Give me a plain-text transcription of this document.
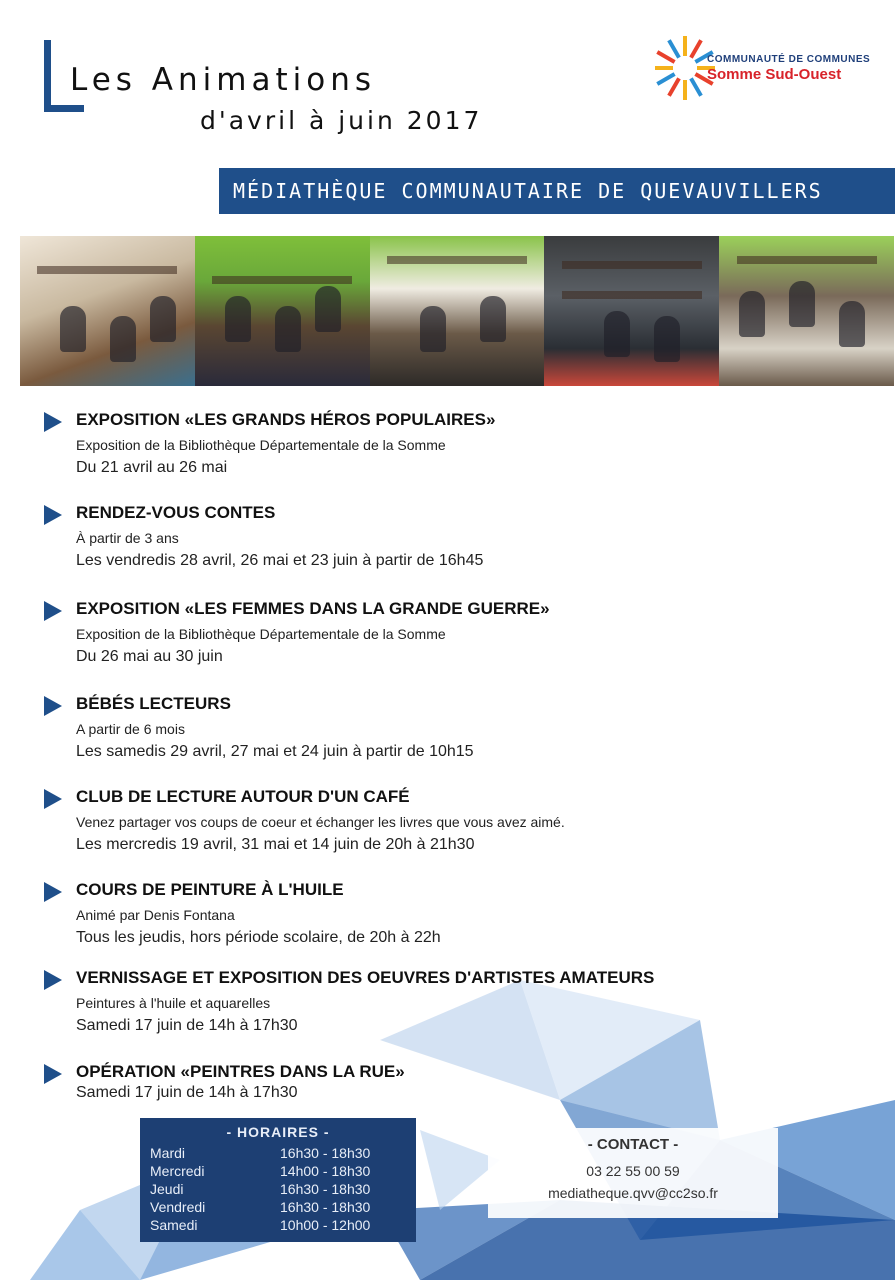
Les Animations
d'avril à juin 2017
COMMUNAUTÉ DE COMMUNES
Somme Sud-Ouest
MÉDIATHÈQUE COMMUNAUTAIRE DE QUEVAUVILLERS
EXPOSITION «LES GRANDS HÉROS POPULAIRES»
Exposition de la Bibliothèque Départementale de la Somme
Du 21 avril au 26 mai
RENDEZ-VOUS CONTES
À partir de 3 ans
Les vendredis 28 avril, 26 mai et 23 juin à partir de 16h45
EXPOSITION «LES FEMMES DANS LA GRANDE GUERRE»
Exposition de la Bibliothèque Départementale de la Somme
Du 26 mai au 30 juin
BÉBÉS LECTEURS
A partir de 6 mois
Les samedis 29 avril, 27 mai et 24 juin à partir de 10h15
CLUB DE LECTURE AUTOUR D'UN CAFÉ
Venez partager vos coups de coeur et échanger les livres que vous avez aimé.
Les mercredis 19 avril, 31 mai et 14 juin de 20h à 21h30
COURS DE PEINTURE À L'HUILE
Animé par Denis Fontana
Tous les jeudis, hors période scolaire, de 20h à 22h
VERNISSAGE ET EXPOSITION DES OEUVRES D'ARTISTES AMATEURS
Peintures à l'huile et aquarelles
Samedi 17 juin de 14h à 17h30
OPÉRATION «PEINTRES DANS LA RUE»
Samedi 17 juin de 14h à 17h30
- HORAIRES -
Mardi	16h30 - 18h30
Mercredi	14h00 - 18h30
Jeudi	16h30 - 18h30
Vendredi	16h30 - 18h30
Samedi	10h00 - 12h00
- CONTACT -
03 22 55 00 59
mediatheque.qvv@cc2so.fr
